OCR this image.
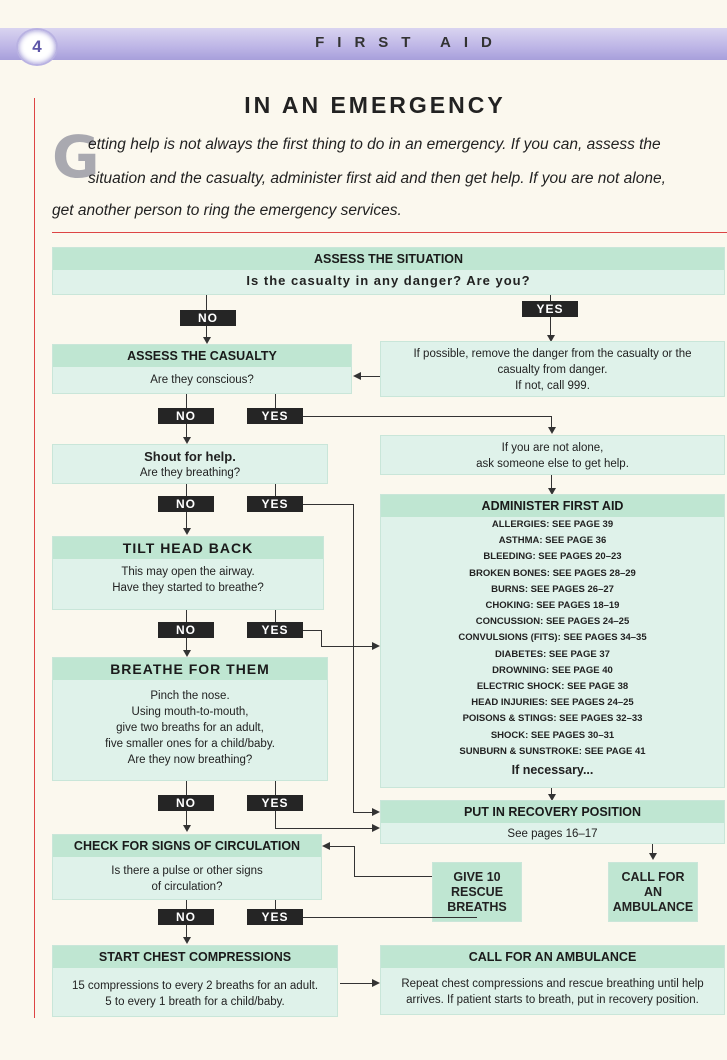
4	FIRST AID
IN AN EMERGENCY
G
etting help is not always the first thing to do in an emergency. If you can, assess the
situation and the casualty, administer first aid and then get help. If you are not alone,
get another person to ring the emergency services.
ASSESS THE SITUATION
Is the casualty in any danger? Are you?
NO
YES
ASSESS THE CASUALTY
Are they conscious?
If possible, remove the danger from the casualty or the
casualty from danger.
If not, call 999.
NO	YES
Shout for help.
Are they breathing?
If you are not alone,
ask someone else to get help.
NO	YES	ADMINISTER FIRST AID
ALLERGIES: SEE PAGE 39
ASTHMA: SEE PAGE 36
BLEEDING: SEE PAGES 20–23
BROKEN BONES: SEE PAGES 28–29
BURNS: SEE PAGES 26–27
CHOKING: SEE PAGES 18–19
CONCUSSION: SEE PAGES 24–25
CONVULSIONS (FITS): SEE PAGES 34–35
DIABETES: SEE PAGE 37
DROWNING: SEE PAGE 40
ELECTRIC SHOCK: SEE PAGE 38
HEAD INJURIES: SEE PAGES 24–25
POISONS & STINGS: SEE PAGES 32–33
SHOCK: SEE PAGES 30–31
SUNBURN & SUNSTROKE: SEE PAGE 41
If necessary...
TILT HEAD BACK
This may open the airway.
Have they started to breathe?
NO	YES
BREATHE FOR THEM
Pinch the nose.
Using mouth-to-mouth,
give two breaths for an adult,
five smaller ones for a child/baby.
Are they now breathing?
NO	YES
PUT IN RECOVERY POSITION
See pages 16–17
CHECK FOR SIGNS OF CIRCULATION
Is there a pulse or other signs
of circulation?
GIVE 10
RESCUE
BREATHS
CALL FOR
AN
AMBULANCE
NO	YES
START CHEST COMPRESSIONS
15 compressions to every 2 breaths for an adult.
5 to every 1 breath for a child/baby.
CALL FOR AN AMBULANCE
Repeat chest compressions and rescue breathing until help
arrives. If patient starts to breath, put in recovery position.
